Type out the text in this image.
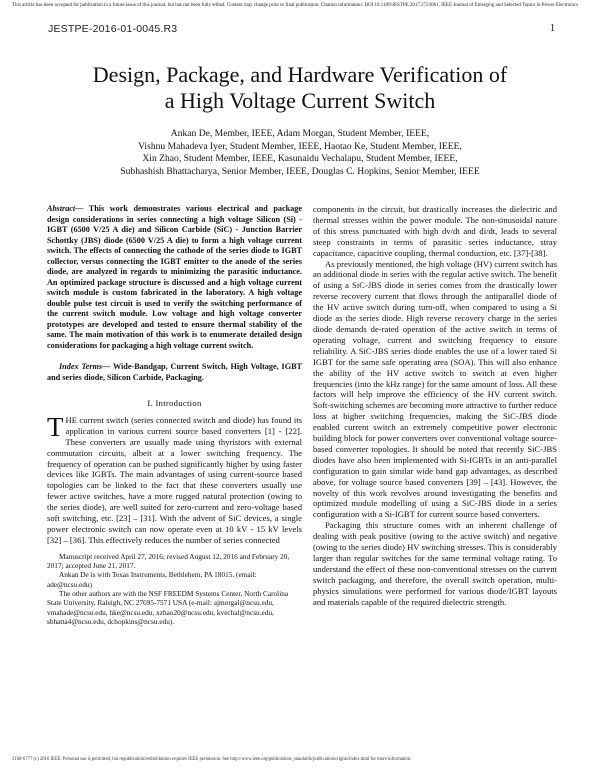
This article has been accepted for publication in a future issue of this journal, but has not been fully edited. Content may change prior to final publication. Citation information: DOI 10.1109/JESTPE.2017.2723061, IEEE Journal of Emerging and Selected Topics in Power Electronics
JESTPE-2016-01-0045.R3	1
Design, Package, and Hardware Verification of
a High Voltage Current Switch
Ankan De, Member, IEEE, Adam Morgan, Student Member, IEEE,
Vishnu Mahadeva Iyer, Student Member, IEEE, Haotao Ke, Student Member, IEEE,
Xin Zhao, Student Member, IEEE, Kasunaidu Vechalapu, Student Member, IEEE,
Subhashish Bhattacharya, Senior Member, IEEE, Douglas C. Hopkins, Senior Member, IEEE

Abstract— This work demonstrates various electrical and package design considerations in series connecting a high voltage Silicon (Si) - IGBT (6500 V/25 A die) and Silicon Carbide (SiC) - Junction Barrier Schottky (JBS) diode (6500 V/25 A die) to form a high voltage current switch. The effects of connecting the cathode of the series diode to IGBT collector, versus connecting the IGBT emitter to the anode of the series diode, are analyzed in regards to minimizing the parasitic inductance. An optimized package structure is discussed and a high voltage current switch module is custom fabricated in the laboratory. A high voltage double pulse test circuit is used to verify the switching performance of the current switch module. Low voltage and high voltage converter prototypes are developed and tested to ensure thermal stability of the same. The main motivation of this work is to enumerate detailed design considerations for packaging a high voltage current switch.

Index Terms— Wide-Bandgap, Current Switch, High Voltage, IGBT and series diode, Silicon Carbide, Packaging.

I. Introduction

THE current switch (series connected switch and diode) has found its application in various current source based converters [1] - [22]. These converters are usually made using thyristors with external commutation circuits, albeit at a lower switching frequency. The frequency of operation can be pushed significantly higher by using faster devices like IGBTs. The main advantages of using current-source based topologies can be linked to the fact that these converters usually use fewer active switches, have a more rugged natural protection (owing to the series diode), are well suited for zero-current and zero-voltage based soft switching, etc. [23] – [31]. With the advent of SiC devices, a single power electronic switch can now operate even at 10 kV - 15 kV levels [32] – [36]. This effectively reduces the number of series connected

Manuscript received April 27, 2016; revised August 12, 2016 and February 20, 2017; accepted June 21, 2017.

Ankan De is with Texas Instruments, Bethlehem, PA 18015. (email: ade@ncsu.edu)

The other authors are with the NSF FREEDM Systems Center, North Carolina State University, Raleigh, NC 27695-7571 USA (e-mail: ajmorgal@ncsu.edu, vmahade@ncsu.edu, hke@ncsu.edu, xzhao20@ncsu.edu, kvechal@ncsu.edu, sbhatta4@ncsu.edu, dchopkins@ncsu.edu).

components in the circuit, but drastically increases the dielectric and thermal stresses within the power module. The non-sinusoidal nature of this stress punctuated with high dv/dt and di/dt, leads to several steep constraints in terms of parasitic series inductance, stray capacitance, capacitive coupling, thermal conduction, etc. [37]-[38].

As previously mentioned, the high voltage (HV) current switch has an additional diode in series with the regular active switch. The benefit of using a SiC-JBS diode in series comes from the drastically lower reverse recovery current that flows through the antiparallel diode of the HV active switch during turn-off, when compared to using a Si diode as the series diode. High reverse recovery charge in the series diode demands de-rated operation of the active switch in terms of operating voltage, current and switching frequency to ensure reliability. A SiC-JBS series diode enables the use of a lower rated Si IGBT for the same safe operating area (SOA). This will also enhance the ability of the HV active switch to switch at even higher frequencies (into the kHz range) for the same amount of loss. All these factors will help improve the efficiency of the HV current switch. Soft-switching schemes are becoming more attractive to further reduce loss at higher switching frequencies, making the SiC-JBS diode enabled current switch an extremely competitive power electronic building block for power converters over conventional voltage source-based converter topologies. It should be noted that recently SiC-JBS diodes have also been implemented with Si-IGBTs in an anti-parallel configuration to gain similar wide band gap advantages, as described above, for voltage source based converters [39] – [43]. However, the novelty of this work revolves around investigating the benefits and optimized module modelling of using a SiC-JBS diode in a series configuration with a Si-IGBT for current source based converters.

Packaging this structure comes with an inherent challenge of dealing with peak positive (owing to the active switch) and negative (owing to the series diode) HV switching stresses. This is considerably larger than regular switches for the same terminal voltage rating. To understand the effect of these non-conventional stresses on the current switch packaging, and therefore, the overall switch operation, multi-physics simulations were performed for various diode/IGBT layouts and materials capable of the required dielectric strength.

2168-6777 (c) 2016 IEEE. Personal use is permitted, but republication/redistribution requires IEEE permission. See http://www.ieee.org/publications_standards/publications/rights/index.html for more information.
